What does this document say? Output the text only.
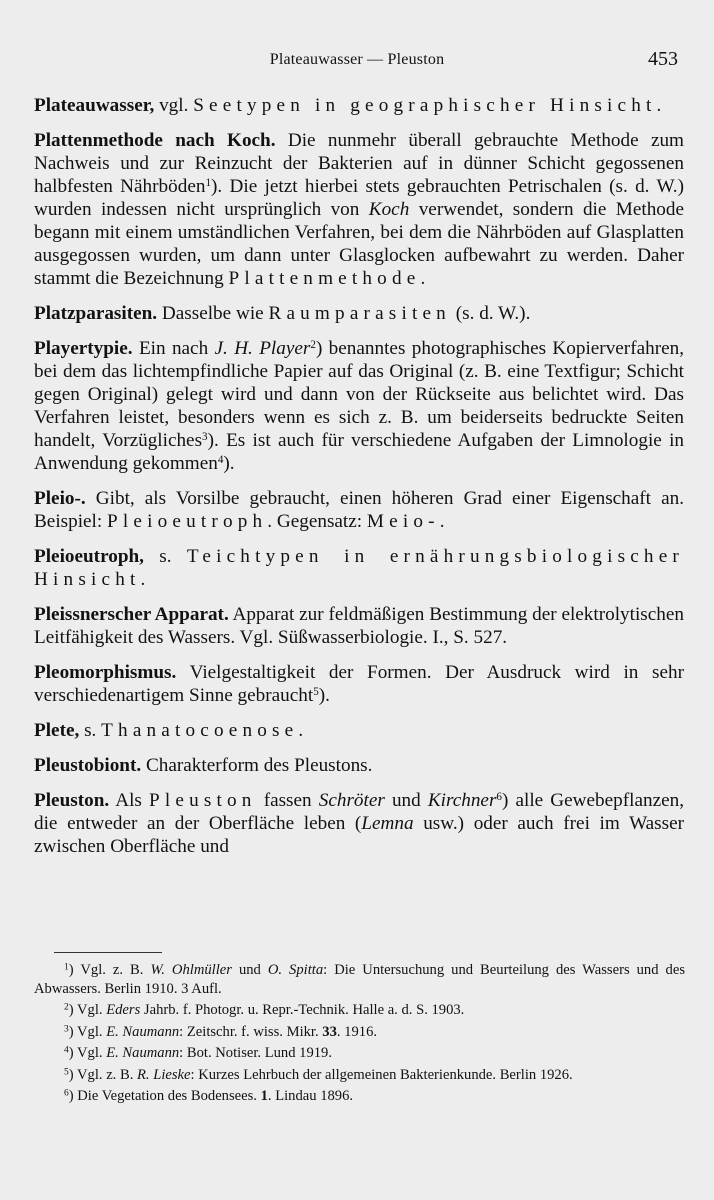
Plateauwasser — Pleuston	453

Plateauwasser, vgl. Seetypen in geographischer Hinsicht.

Plattenmethode nach Koch. Die nunmehr überall gebrauchte Methode zum Nachweis und zur Reinzucht der Bakterien auf in dünner Schicht gegossenen halbfesten Nährböden$^1$). Die jetzt hierbei stets gebrauchten Petrischalen (s. d. W.) wurden indessen nicht ursprünglich von Koch verwendet, sondern die Methode begann mit einem umständlichen Verfahren, bei dem die Nährböden auf Glasplatten ausgegossen wurden, um dann unter Glasglocken aufbewahrt zu werden. Daher stammt die Bezeichnung Plattenmethode.

Platzparasiten. Dasselbe wie Raumparasiten (s. d. W.).

Playertypie. Ein nach J. H. Player$^2$) benanntes photographisches Kopierverfahren, bei dem das lichtempfindliche Papier auf das Original (z. B. eine Textfigur; Schicht gegen Original) gelegt wird und dann von der Rückseite aus belichtet wird. Das Verfahren leistet, besonders wenn es sich z. B. um beiderseits bedruckte Seiten handelt, Vorzügliches$^3$). Es ist auch für verschiedene Aufgaben der Limnologie in Anwendung gekommen$^4$).

Pleio-. Gibt, als Vorsilbe gebraucht, einen höheren Grad einer Eigenschaft an. Beispiel: Pleioeutroph. Gegensatz: Meio-.

Pleioeutroph, s. Teichtypen in ernährungsbiologischer Hinsicht.

Pleissnerscher Apparat. Apparat zur feldmäßigen Bestimmung der elektrolytischen Leitfähigkeit des Wassers. Vgl. Süßwasserbiologie. I., S. 527.

Pleomorphismus. Vielgestaltigkeit der Formen. Der Ausdruck wird in sehr verschiedenartigem Sinne gebraucht$^5$).

Plete, s. Thanatocoenose.

Pleustobiont. Charakterform des Pleustons.

Pleuston. Als Pleuston fassen Schröter und Kirchner$^6$) alle Gewebepflanzen, die entweder an der Oberfläche leben (Lemna usw.) oder auch frei im Wasser zwischen Oberfläche und

$^1$) Vgl. z. B. W. Ohlmüller und O. Spitta: Die Untersuchung und Beurteilung des Wassers und des Abwassers. Berlin 1910. 3 Aufl.

$^2$) Vgl. Eders Jahrb. f. Photogr. u. Repr.-Technik. Halle a. d. S. 1903.

$^3$) Vgl. E. Naumann: Zeitschr. f. wiss. Mikr. 33. 1916.

$^4$) Vgl. E. Naumann: Bot. Notiser. Lund 1919.

$^5$) Vgl. z. B. R. Lieske: Kurzes Lehrbuch der allgemeinen Bakterienkunde. Berlin 1926.

$^6$) Die Vegetation des Bodensees. 1. Lindau 1896.
